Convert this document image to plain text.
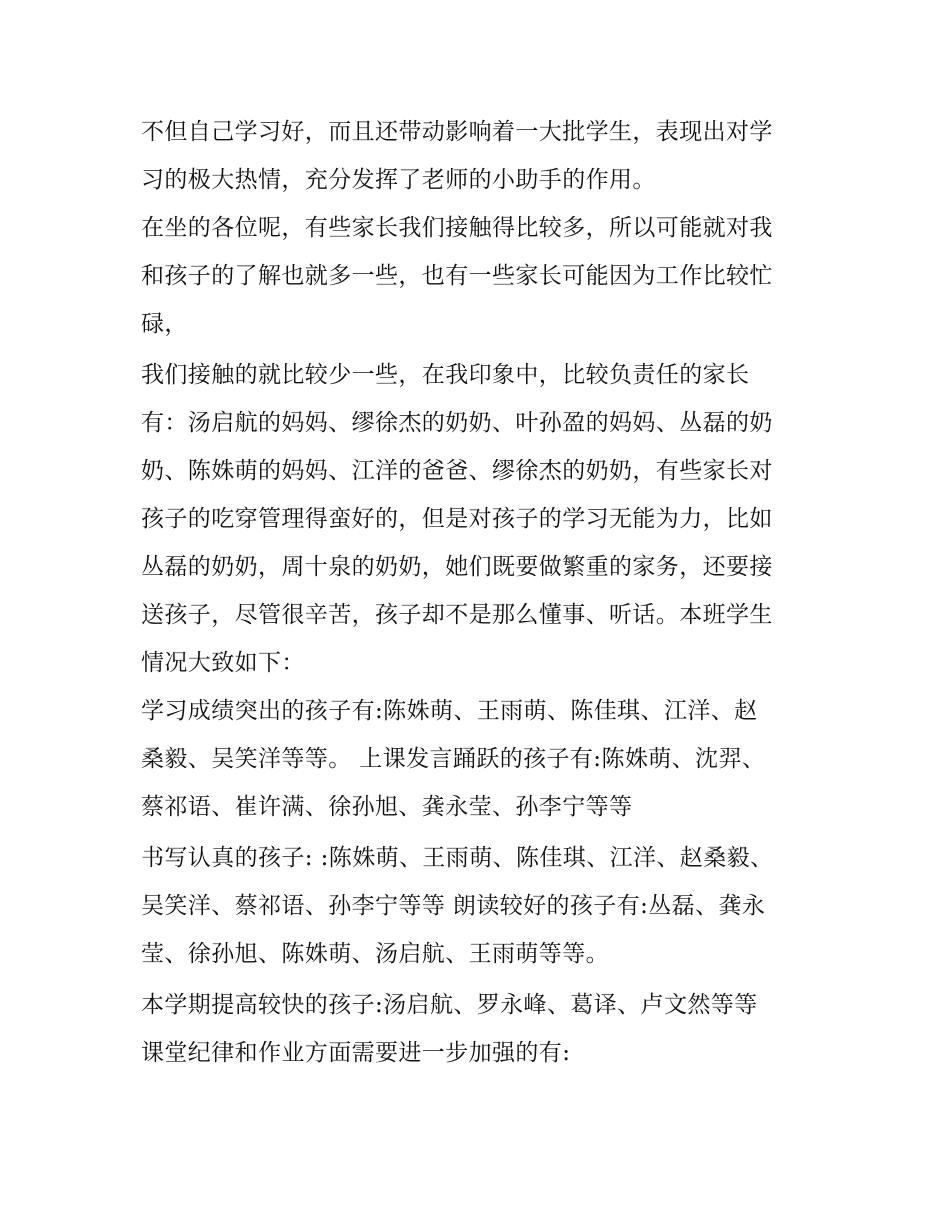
不但自己学习好，而且还带动影响着一大批学生，表现出对学
习的极大热情，充分发挥了老师的小助手的作用。
在坐的各位呢，有些家长我们接触得比较多，所以可能就对我
和孩子的了解也就多一些，也有一些家长可能因为工作比较忙
碌，
我们接触的就比较少一些，在我印象中，比较负责任的家长
有：汤启航的妈妈、缪徐杰的奶奶、叶孙盈的妈妈、丛磊的奶
奶、陈姝萌的妈妈、江洋的爸爸、缪徐杰的奶奶，有些家长对
孩子的吃穿管理得蛮好的，但是对孩子的学习无能为力，比如
丛磊的奶奶，周十泉的奶奶，她们既要做繁重的家务，还要接
送孩子，尽管很辛苦，孩子却不是那么懂事、听话。本班学生
情况大致如下：
学习成绩突出的孩子有:陈姝萌、王雨萌、陈佳琪、江洋、赵
桑毅、吴笑洋等等。 上课发言踊跃的孩子有:陈姝萌、沈羿、
蔡祁语、崔许满、徐孙旭、龚永莹、孙李宁等等
书写认真的孩子: :陈姝萌、王雨萌、陈佳琪、江洋、赵桑毅、
吴笑洋、蔡祁语、孙李宁等等 朗读较好的孩子有:丛磊、龚永
莹、徐孙旭、陈姝萌、汤启航、王雨萌等等。
本学期提高较快的孩子:汤启航、罗永峰、葛译、卢文然等等
课堂纪律和作业方面需要进一步加强的有:
